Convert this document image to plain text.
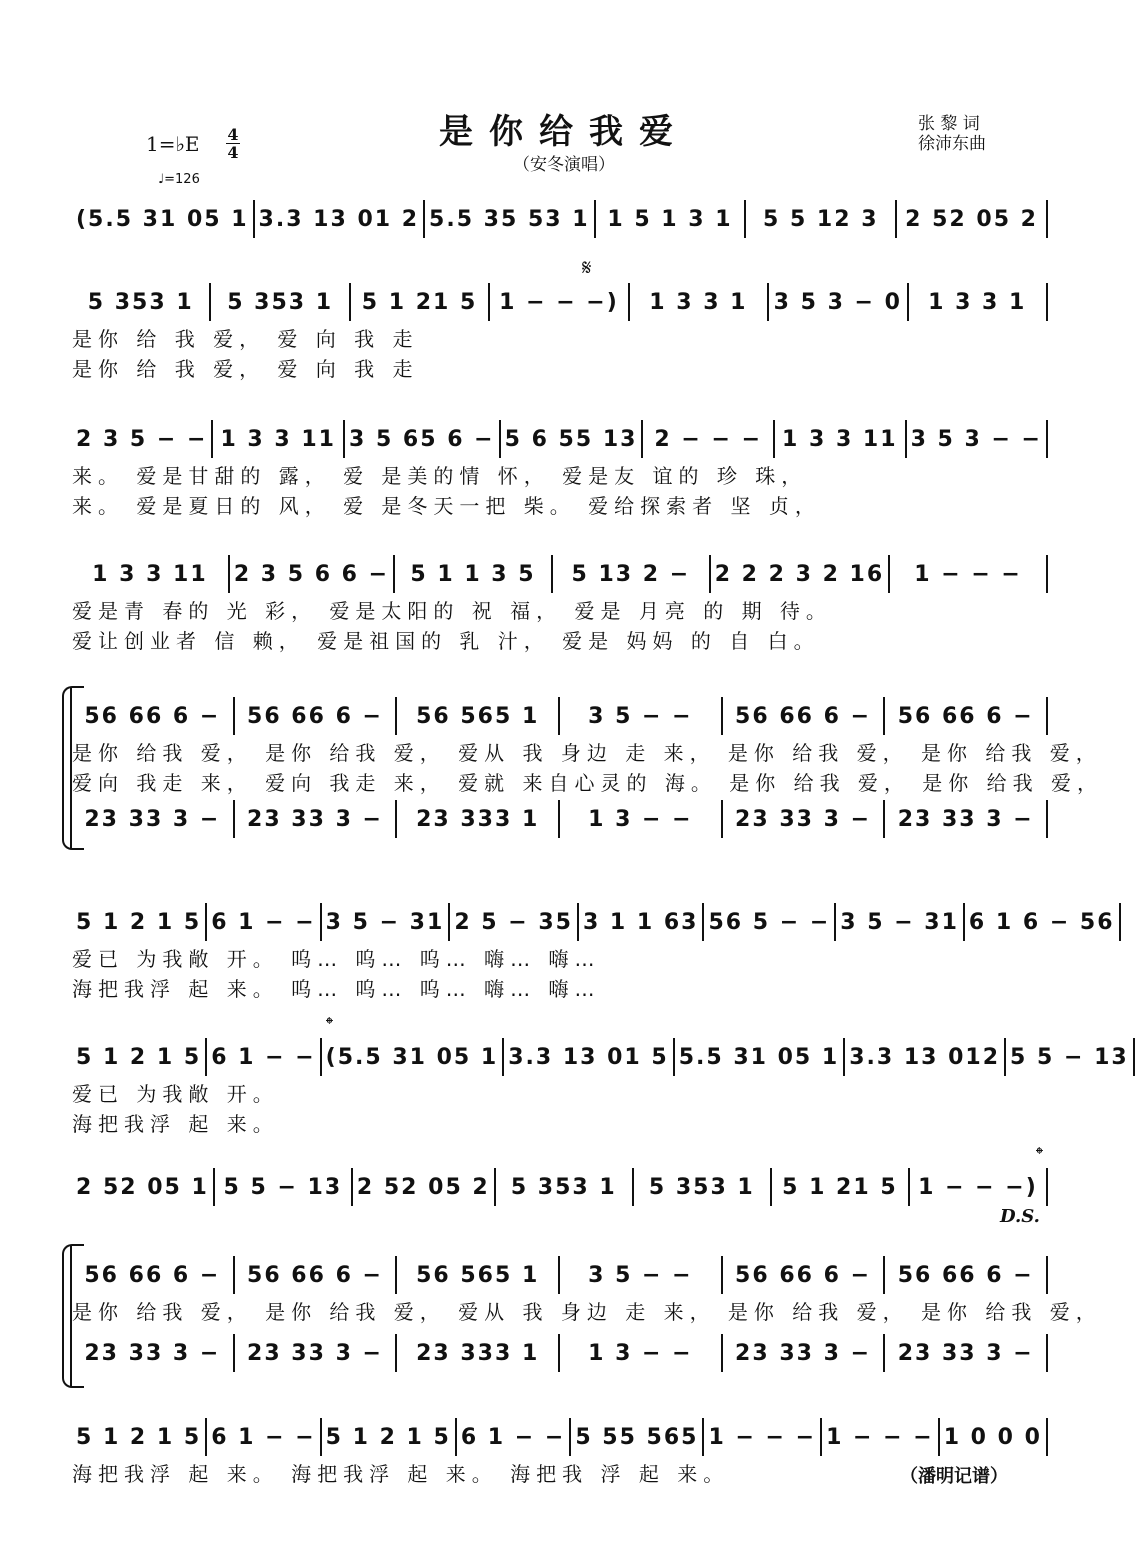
是你给我爱
（安冬演唱）
1=♭E 4
4
♩=126
张 黎 词
徐沛东曲
𝄋
𝄌
𝄌
D.S.
（潘明记谱）
(5.5 31 05 1 3.3 13 01 2 5.5 35 53 1 1 5 1 3 1	5 5 12 3	2 52 05 2
5 353 1	5 353 1	5 1 21 5 1 − − −)	1 3 3 1	3 5 3 − 0	1 3 3 1
是你 给 我 爱， 爱 向 我 走
是你 给 我 爱， 爱 向 我 走
2 3 5 − − 1 3 3 11 3 5 65 6 − 5 6 55 13 2 − − − 1 3 3 11 3 5 3 − −
来。 爱是甘甜的 露， 爱 是美的情 怀， 爱是友 谊的 珍 珠，
来。 爱是夏日的 风， 爱 是冬天一把 柴。 爱给探索者 坚 贞，
1 3 3 11	2 3 5 6 6 − 5 1 1 3 5	5 13 2 −	2 2 2 3 2 16	1 − − −
爱是青 春的 光 彩， 爱是太阳的 祝 福， 爱是 月亮 的 期 待。
爱让创业者 信 赖， 爱是祖国的 乳 汁， 爱是 妈妈 的 自 白。
56 66 6 −	56 66 6 −	56 565 1	3 5 − −	56 66 6 −	56 66 6 −
是你 给我 爱， 是你 给我 爱， 爱从 我 身边 走 来， 是你 给我 爱， 是你 给我 爱，
爱向 我走 来， 爱向 我走 来， 爱就 来自心灵的 海。 是你 给我 爱， 是你 给我 爱，
23 33 3 −	23 33 3 −	23 333 1	1 3 − −	23 33 3 −	23 33 3 −
5 1 2 1 5 6 1 − − 3 5 − 31 2 5 − 35 3 1 1 63 56 5 − − 3 5 − 31 6 1 6 − 56
爱已 为我敞 开。 呜… 呜… 呜… 嗨… 嗨…
海把我浮 起 来。 呜… 呜… 呜… 嗨… 嗨…
5 1 2 1 5 6 1 − − (5.5 31 05 1 3.3 13 01 5 5.5 31 05 1 3.3 13 012 5 5 − 13
爱已 为我敞 开。
海把我浮 起 来。
2 52 05 1 5 5 − 13 2 52 05 2 5 353 1	5 353 1	5 1 21 5 1 − − −)
56 66 6 −	56 66 6 −	56 565 1	3 5 − −	56 66 6 −	56 66 6 −
是你 给我 爱， 是你 给我 爱， 爱从 我 身边 走 来， 是你 给我 爱， 是你 给我 爱，
23 33 3 −	23 33 3 −	23 333 1	1 3 − −	23 33 3 −	23 33 3 −
5 1 2 1 5 6 1 − − 5 1 2 1 5 6 1 − − 5 55 565 1 − − − 1 − − − 1 0 0 0
海把我浮 起 来。 海把我浮 起 来。 海把我 浮 起 来。
